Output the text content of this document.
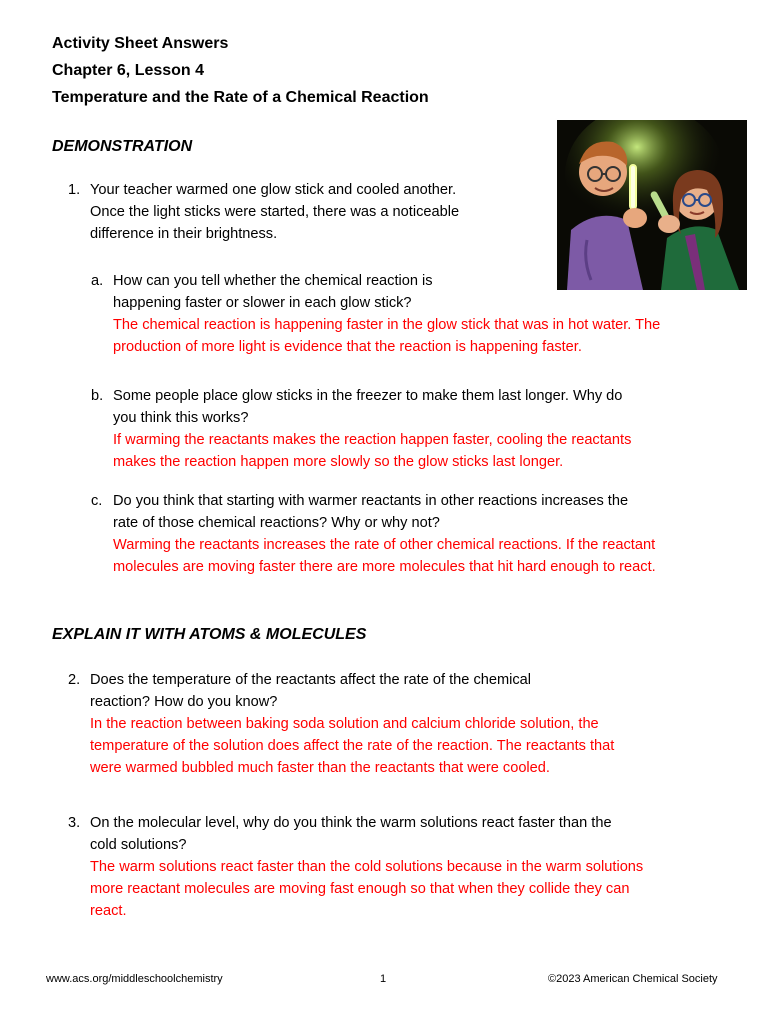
Activity Sheet Answers
Chapter 6, Lesson 4
Temperature and the Rate of a Chemical Reaction
DEMONSTRATION
1. Your teacher warmed one glow stick and cooled another.
Once the light sticks were started, there was a noticeable
difference in their brightness.
a. How can you tell whether the chemical reaction is
happening faster or slower in each glow stick?
The chemical reaction is happening faster in the glow stick that was in hot water. The
production of more light is evidence that the reaction is happening faster.
b. Some people place glow sticks in the freezer to make them last longer. Why do
you think this works?
If warming the reactants makes the reaction happen faster, cooling the reactants
makes the reaction happen more slowly so the glow sticks last longer.
c. Do you think that starting with warmer reactants in other reactions increases the
rate of those chemical reactions? Why or why not?
Warming the reactants increases the rate of other chemical reactions. If the reactant
molecules are moving faster there are more molecules that hit hard enough to react.
EXPLAIN IT WITH ATOMS & MOLECULES
2. Does the temperature of the reactants affect the rate of the chemical
reaction? How do you know?
In the reaction between baking soda solution and calcium chloride solution, the
temperature of the solution does affect the rate of the reaction. The reactants that
were warmed bubbled much faster than the reactants that were cooled.
3. On the molecular level, why do you think the warm solutions react faster than the
cold solutions?
The warm solutions react faster than the cold solutions because in the warm solutions
more reactant molecules are moving fast enough so that when they collide they can
react.
www.acs.org/middleschoolchemistry	1	©2023 American Chemical Society
